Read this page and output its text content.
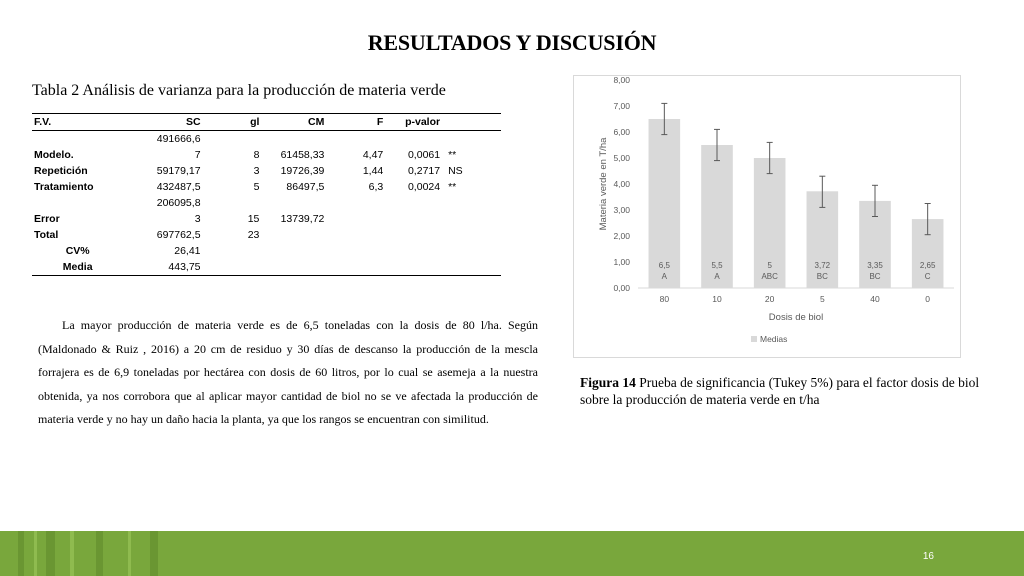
RESULTADOS Y DISCUSIÓN
Tabla 2 Análisis de varianza para la producción de materia verde
F.V.	SC	gl	CM	F	p-valor	
	491666,6					
Modelo.	7	8	61458,33	4,47	0,0061	**
Repetición	59179,17	3	19726,39	1,44	0,2717	NS
Tratamiento	432487,5	5	86497,5	6,3	0,0024	**
	206095,8					
Error	3	15	13739,72			
Total	697762,5	23				
CV%	26,41					
Media	443,75					
La mayor producción de materia verde es de 6,5 toneladas con la dosis de 80 l/ha. Según (Maldonado & Ruiz , 2016) a 20 cm de residuo y 30 días de descanso la producción de la mescla forrajera es de 6,9 toneladas por hectárea con dosis de 60 litros, por lo cual se asemeja a la nuestra obtenida, ya nos corrobora que al aplicar mayor cantidad de biol no se ve afectada la producción de materia verde y no hay un daño hacia la planta, ya que los rangos se encuentran con similitud.
0,00
1,00
2,00
3,00
4,00
5,00
6,00
7,00
8,00
6,5
A
80
5,5
A
10
5
ABC
20
3,72
BC
5
3,35
BC
40
2,65
C
0
Materia verde en T/ha
Dosis de biol
Medias
Figura 14 Prueba de significancia (Tukey 5%) para el factor dosis de biol sobre la producción de materia verde en t/ha
16
